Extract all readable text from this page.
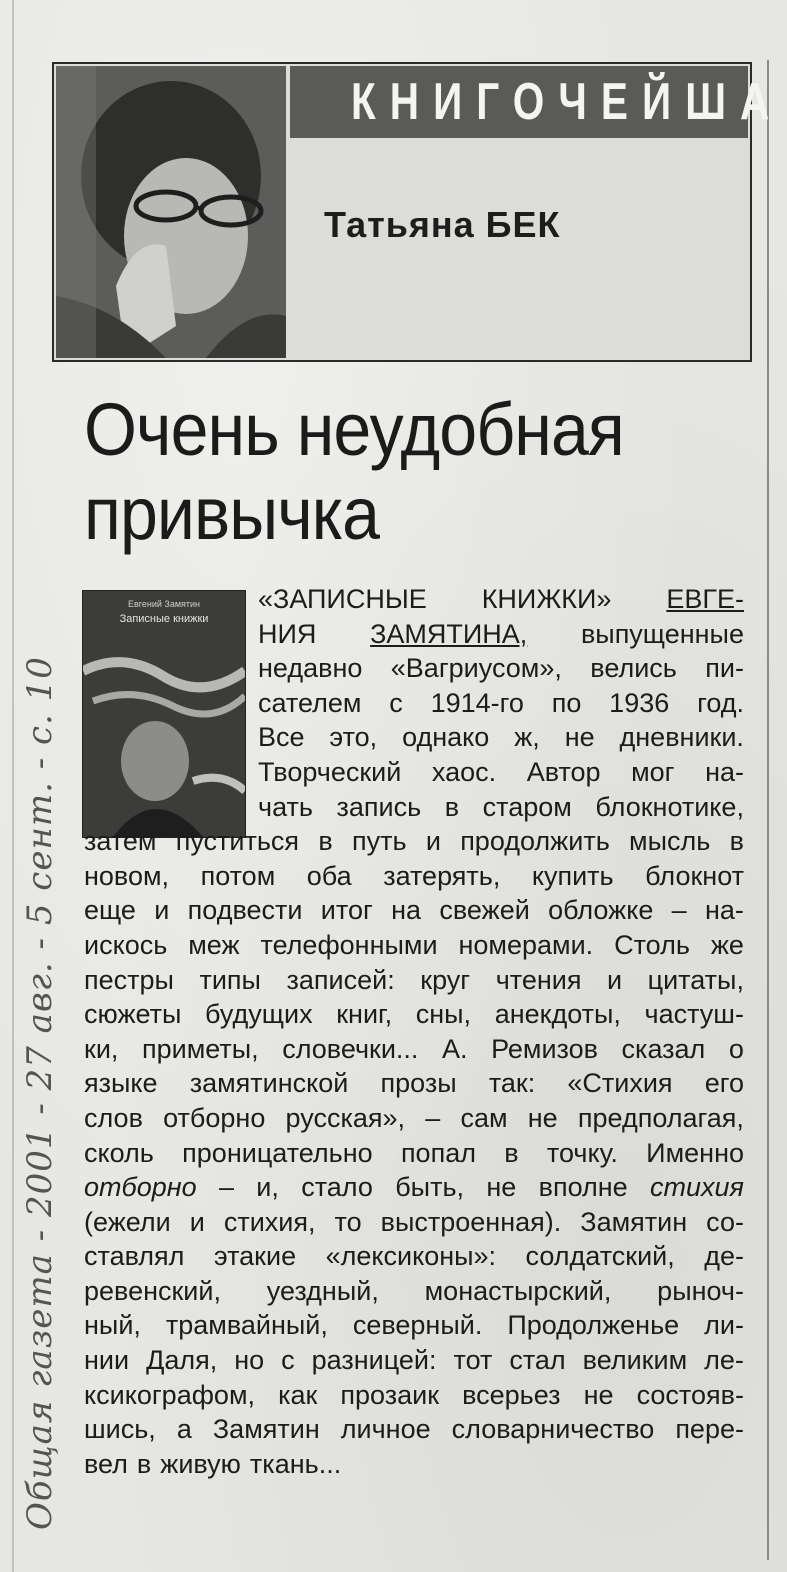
КНИГОЧЕЙША
Татьяна БЕК
Очень неудобная
привычка
Евгений Замятин
Записные книжки
«ЗАПИСНЫЕ КНИЖКИ» ЕВГЕ-
НИЯ ЗАМЯТИНА, выпущенные
недавно «Вагриусом», велись пи-
сателем с 1914-го по 1936 год.
Все это, однако ж, не дневники.
Творческий хаос. Автор мог на-
чать запись в старом блокнотике,
затем пуститься в путь и продолжить мысль в
новом, потом оба затерять, купить блокнот
еще и подвести итог на свежей обложке – на-
искось меж телефонными номерами. Столь же
пестры типы записей: круг чтения и цитаты,
сюжеты будущих книг, сны, анекдоты, частуш-
ки, приметы, словечки... А. Ремизов сказал о
языке замятинской прозы так: «Стихия его
слов отборно русская», – сам не предполагая,
сколь проницательно попал в точку. Именно
отборно – и, стало быть, не вполне стихия
(ежели и стихия, то выстроенная). Замятин со-
ставлял этакие «лексиконы»: солдатский, де-
ревенский, уездный, монастырский, рыноч-
ный, трамвайный, северный. Продолженье ли-
нии Даля, но с разницей: тот стал великим ле-
ксикографом, как прозаик всерьез не состояв-
шись, а Замятин личное словарничество пере-
вел в живую ткань...
Общая газета - 2001 - 27 авг. - 5 сент. - с. 10
